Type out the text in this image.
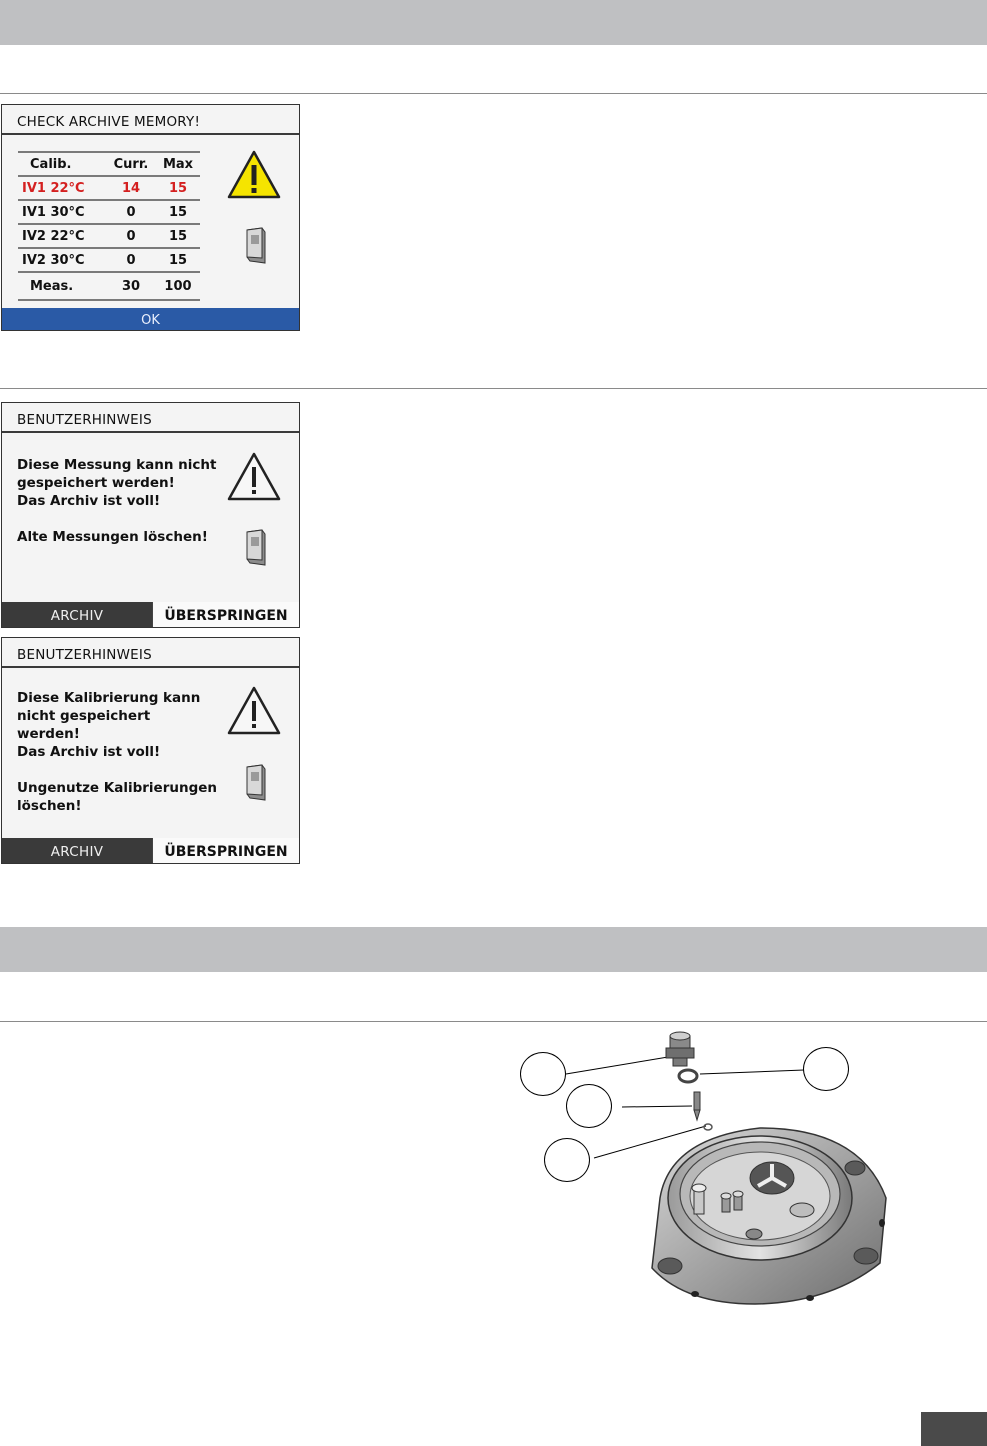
CHECK ARCHIVE MEMORY!
Calib.	Curr.	Max
IV1 22°C	14	15
IV1 30°C	0	15
IV2 22°C	0	15
IV2 30°C	0	15
Meas.	30	100
OK
BENUTZERHINWEIS

Diese Messung kann nicht

gespeichert werden!

Das Archiv ist voll!

Alte Messungen löschen!

ARCHIV	ÜBERSPRINGEN
BENUTZERHINWEIS

Diese Kalibrierung kann

nicht gespeichert

werden!

Das Archiv ist voll!

Ungenutze Kalibrierungen

löschen!

ARCHIV	ÜBERSPRINGEN
